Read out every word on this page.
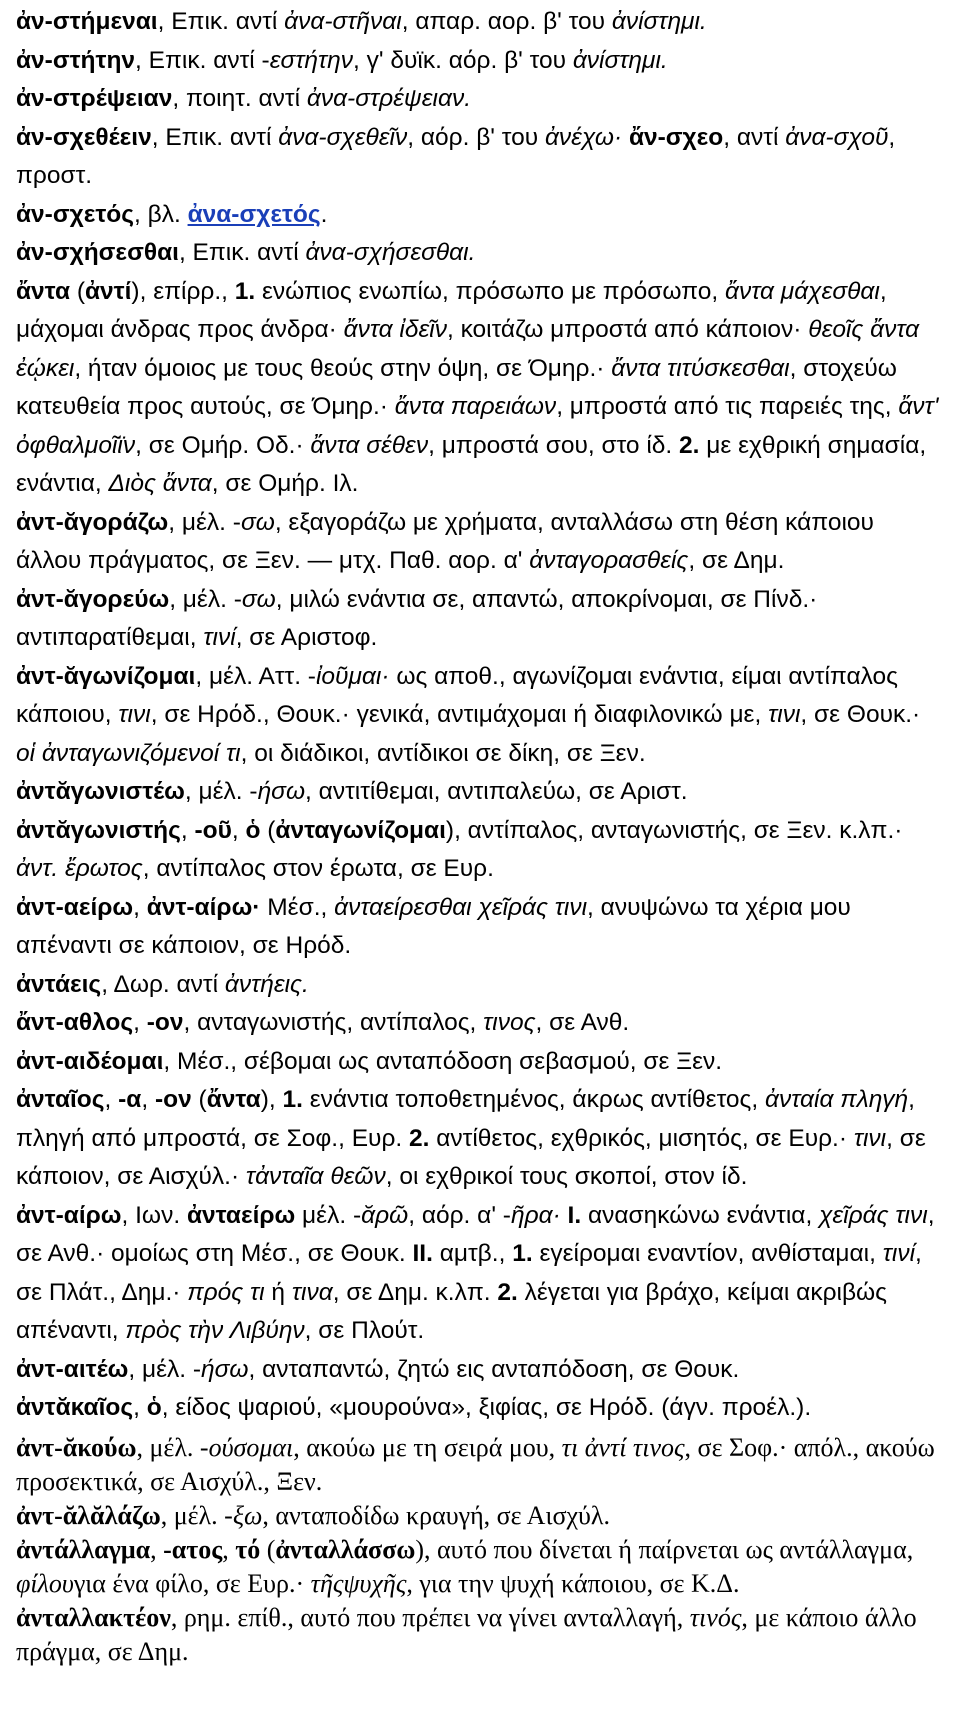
ἀν-στήμεναι, Επικ. αντί ἀνα-στῆναι, απαρ. αορ. βʹ του ἀνίστημι.
ἀν-στήτην, Επικ. αντί -εστήτην, γʹ δυϊκ. αόρ. βʹ του ἀνίστημι.
ἀν-στρέψειαν, ποιητ. αντί ἀνα-στρέψειαν.
ἀν-σχεθέειν, Επικ. αντί ἀνα-σχεθεῖν, αόρ. βʹ του ἀνέχω· ἄν-σχεο, αντί ἀνα-σχοῦ, προστ.
ἀν-σχετός, βλ. ἀνα-σχετός.
ἀν-σχήσεσθαι, Επικ. αντί ἀνα-σχήσεσθαι.
ἄντα (ἀντί), επίρρ., 1. ενώπιος ενωπίω, πρόσωπο με πρόσωπο, ἄντα μάχεσθαι, μάχομαι άνδρας προς άνδρα· ἄντα ἰδεῖν, κοιτάζω μπροστά από κάποιον· θεοῖς ἄντα ἐῴκει, ήταν όμοιος με τους θεούς στην όψη, σε Όμηρ.· ἄντα τιτύσκεσθαι, στοχεύω κατευθεία προς αυτούς, σε Όμηρ.· ἄντα παρειάων, μπροστά από τις παρειές της, ἄντ' ὀφθαλμοῖϊν, σε Ομήρ. Οδ.· ἄντα σέθεν, μπροστά σου, στο ίδ. 2. με εχθρική σημασία, ενάντια, Διὸς ἄντα, σε Ομήρ. Ιλ.
ἀντ-ᾰγοράζω, μέλ. -σω, εξαγοράζω με χρήματα, ανταλλάσω στη θέση κάποιου άλλου πράγματος, σε Ξεν. — μτχ. Παθ. αορ. αʹ ἀνταγορασθείς, σε Δημ.
ἀντ-ᾰγορεύω, μέλ. -σω, μιλώ ενάντια σε, απαντώ, αποκρίνομαι, σε Πίνδ.· αντιπαρατίθεμαι, τινί, σε Αριστοφ.
ἀντ-ᾰγωνίζομαι, μέλ. Αττ. -ἰοῦμαι· ως αποθ., αγωνίζομαι ενάντια, είμαι αντίπαλος κάποιου, τινι, σε Ηρόδ., Θουκ.· γενικά, αντιμάχομαι ή διαφιλονικώ με, τινι, σε Θουκ.· οἱ ἀνταγωνιζόμενοί τι, οι διάδικοι, αντίδικοι σε δίκη, σε Ξεν.
ἀντᾰγωνιστέω, μέλ. -ήσω, αντιτίθεμαι, αντιπαλεύω, σε Αριστ.
ἀντᾰγωνιστής, -οῦ, ὁ (ἀνταγωνίζομαι), αντίπαλος, ανταγωνιστής, σε Ξεν. κ.λπ.· ἀντ. ἔρωτος, αντίπαλος στον έρωτα, σε Ευρ.
ἀντ-αείρω, ἀντ-αίρω· Μέσ., ἀνταείρεσθαι χεῖράς τινι, ανυψώνω τα χέρια μου απέναντι σε κάποιον, σε Ηρόδ.
ἀντάεις, Δωρ. αντί ἀντήεις.
ἄντ-αθλος, -ον, ανταγωνιστής, αντίπαλος, τινος, σε Ανθ.
ἀντ-αιδέομαι, Μέσ., σέβομαι ως ανταπόδοση σεβασμού, σε Ξεν.
ἀνταῖος, -α, -ον (ἄντα), 1. ενάντια τοποθετημένος, άκρως αντίθετος, ἀνταία πληγή, πληγή από μπροστά, σε Σοφ., Ευρ. 2. αντίθετος, εχθρικός, μισητός, σε Ευρ.· τινι, σε κάποιον, σε Αισχύλ.· τἀνταῖα θεῶν, οι εχθρικοί τους σκοποί, στον ίδ.
ἀντ-αίρω, Ιων. ἀνταείρω μέλ. -ᾰρῶ, αόρ. αʹ -ῆρα· I. ανασηκώνω ενάντια, χεῖράς τινι, σε Ανθ.· ομοίως στη Μέσ., σε Θουκ. II. αμτβ., 1. εγείρομαι εναντίον, ανθίσταμαι, τινί, σε Πλάτ., Δημ.· πρός τι ή τινα, σε Δημ. κ.λπ. 2. λέγεται για βράχο, κείμαι ακριβώς απέναντι, πρὸς τὴν Λιβύην, σε Πλούτ.
ἀντ-αιτέω, μέλ. -ήσω, ανταπαντώ, ζητώ εις ανταπόδοση, σε Θουκ.
ἀντᾰκαῖος, ὁ, είδος ψαριού, «μουρούνα», ξιφίας, σε Ηρόδ. (άγν. προέλ.).
ἀντ-ᾰκούω, μέλ. -ούσομαι, ακούω με τη σειρά μου, τι ἀντί τινος, σε Σοφ.· απόλ., ακούω προσεκτικά, σε Αισχύλ., Ξεν.
ἀντ-ᾰλᾰλάζω, μέλ. -ξω, ανταποδίδω κραυγή, σε Αισχύλ.
ἀντάλλαγμα, -ατος, τό (ἀνταλλάσσω), αυτό που δίνεται ή παίρνεται ως αντάλλαγμα, φίλουγια ένα φίλο, σε Ευρ.· τῆςψυχῆς, για την ψυχή κάποιου, σε Κ.Δ.
ἀνταλλακτέον, ρημ. επίθ., αυτό που πρέπει να γίνει ανταλλαγή, τινός, με κάποιο άλλο πράγμα, σε Δημ.
